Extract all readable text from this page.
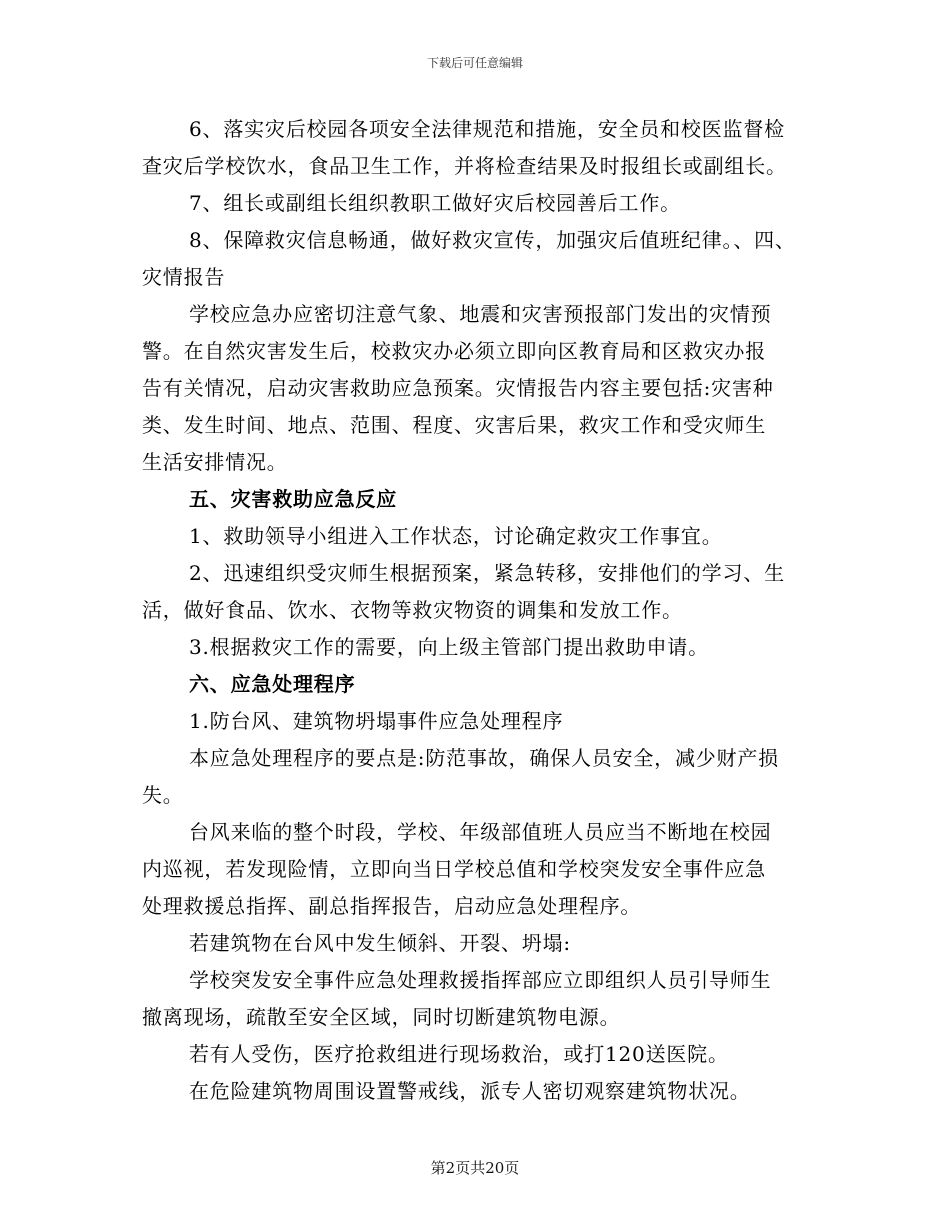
下载后可任意编辑
6、落实灾后校园各项安全法律规范和措施，安全员和校医监督检
查灾后学校饮水，食品卫生工作，并将检查结果及时报组长或副组长。
7、组长或副组长组织教职工做好灾后校园善后工作。
8、保障救灾信息畅通，做好救灾宣传，加强灾后值班纪律。、四、
灾情报告
学校应急办应密切注意气象、地震和灾害预报部门发出的灾情预
警。在自然灾害发生后，校救灾办必须立即向区教育局和区救灾办报
告有关情况，启动灾害救助应急预案。灾情报告内容主要包括:灾害种
类、发生时间、地点、范围、程度、灾害后果，救灾工作和受灾师生
生活安排情况。
五、灾害救助应急反应
1、救助领导小组进入工作状态，讨论确定救灾工作事宜。
2、迅速组织受灾师生根据预案，紧急转移，安排他们的学习、生
活，做好食品、饮水、衣物等救灾物资的调集和发放工作。
3.根据救灾工作的需要，向上级主管部门提出救助申请。
六、应急处理程序
1.防台风、建筑物坍塌事件应急处理程序
本应急处理程序的要点是:防范事故，确保人员安全，减少财产损
失。
台风来临的整个时段，学校、年级部值班人员应当不断地在校园
内巡视，若发现险情，立即向当日学校总值和学校突发安全事件应急
处理救援总指挥、副总指挥报告，启动应急处理程序。
若建筑物在台风中发生倾斜、开裂、坍塌:
学校突发安全事件应急处理救援指挥部应立即组织人员引导师生
撤离现场，疏散至安全区域，同时切断建筑物电源。
若有人受伤，医疗抢救组进行现场救治，或打120送医院。
在危险建筑物周围设置警戒线，派专人密切观察建筑物状况。
第2页共20页
